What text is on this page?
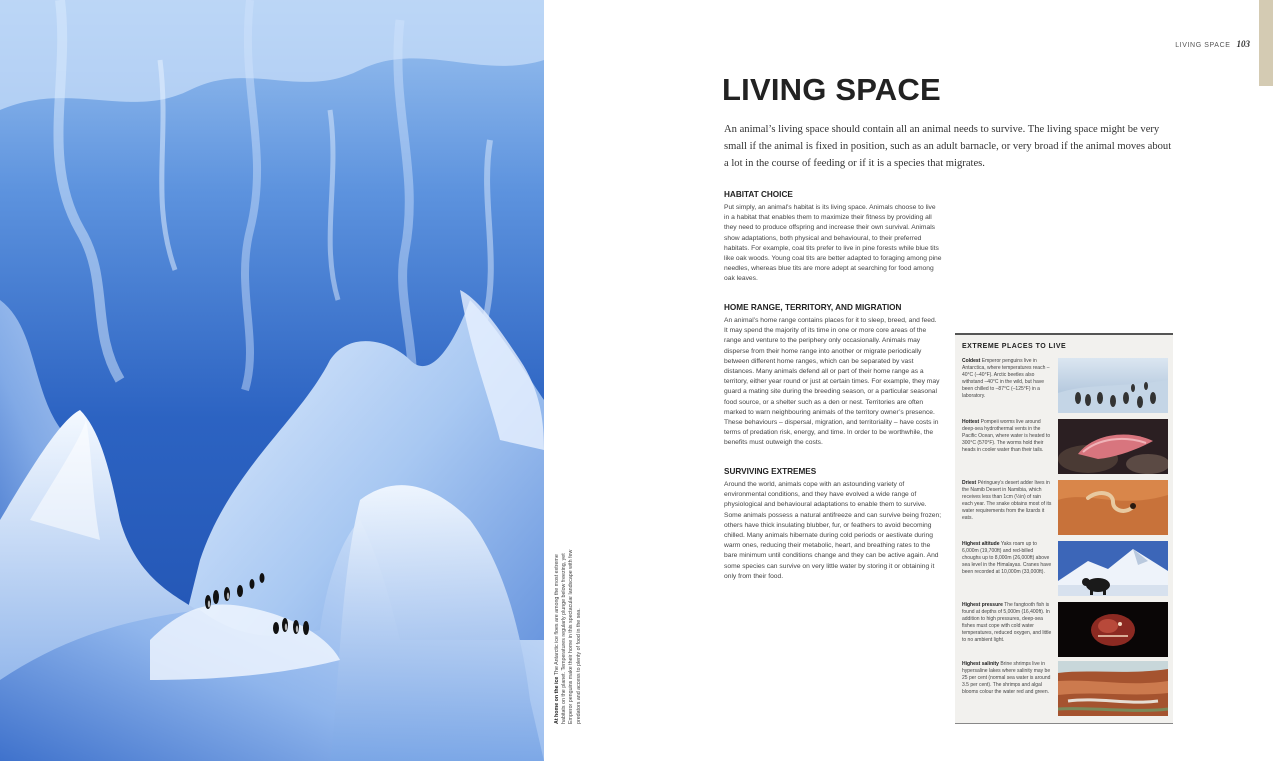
At home on the ice The Antarctic ice floes are among the most extreme habitats on the planet. Temperatures regularly plunge below freezing, yet Emperor penguins make their home in this spectacular landscape with few predators and access to plenty of food in the sea.
LIVING SPACE 103
LIVING SPACE
An animal’s living space should contain all an animal needs to survive. The living space might be very small if the animal is fixed in position, such as an adult barnacle, or very broad if the animal moves about a lot in the course of feeding or if it is a species that migrates.
HABITAT CHOICE
Put simply, an animal’s habitat is its living space. Animals choose to live in a habitat that enables them to maximize their fitness by providing all they need to produce offspring and increase their own survival. Animals show adaptations, both physical and behavioural, to their preferred habitats. For example, coal tits prefer to live in pine forests while blue tits like oak woods. Young coal tits are better adapted to foraging among pine needles, whereas blue tits are more adept at searching for food among oak leaves.
HOME RANGE, TERRITORY, AND MIGRATION
An animal’s home range contains places for it to sleep, breed, and feed. It may spend the majority of its time in one or more core areas of the range and venture to the periphery only occasionally. Animals may disperse from their home range into another or migrate periodically between different home ranges, which can be separated by vast distances. Many animals defend all or part of their home range as a territory, either year round or just at certain times. For example, they may guard a mating site during the breeding season, or a particular seasonal food source, or a shelter such as a den or nest. Territories are often marked to warn neighbouring animals of the territory owner’s presence. These behaviours – dispersal, migration, and territoriality – have costs in terms of predation risk, energy, and time. In order to be worthwhile, the benefits must outweigh the costs.
SURVIVING EXTREMES
Around the world, animals cope with an astounding variety of environmental conditions, and they have evolved a wide range of physiological and behavioural adaptations to enable them to survive. Some animals possess a natural antifreeze and can survive being frozen; others have thick insulating blubber, fur, or feathers to avoid becoming chilled. Many animals hibernate during cold periods or aestivate during warm ones, reducing their metabolic, heart, and breathing rates to the bare minimum until conditions change and they can be active again. And some species can survive on very little water by storing it or obtaining it only from their food.
EXTREME PLACES TO LIVE
Coldest Emperor penguins live in Antarctica, where temperatures reach –40°C (–40°F). Arctic beetles also withstand –40°C in the wild, but have been chilled to –87°C (–125°F) in a laboratory.
Hottest Pompeii worms live around deep-sea hydrothermal vents in the Pacific Ocean, where water is heated to 300°C (570°F). The worms hold their heads in cooler water than their tails.
Driest Péringuey’s desert adder lives in the Namib Desert in Namibia, which receives less than 1cm (½in) of rain each year. The snake obtains most of its water requirements from the lizards it eats.
Highest altitude Yaks roam up to 6,000m (19,700ft) and red-billed choughs up to 8,000m (26,000ft) above sea level in the Himalayas. Cranes have been recorded at 10,000m (33,000ft).
Highest pressure The fangtooth fish is found at depths of 5,000m (16,400ft). In addition to high pressures, deep-sea fishes must cope with cold water temperatures, reduced oxygen, and little to no ambient light.
Highest salinity Brine shrimps live in hypersaline lakes where salinity may be 25 per cent (normal sea water is around 3.5 per cent). The shrimps and algal blooms colour the water red and green.
